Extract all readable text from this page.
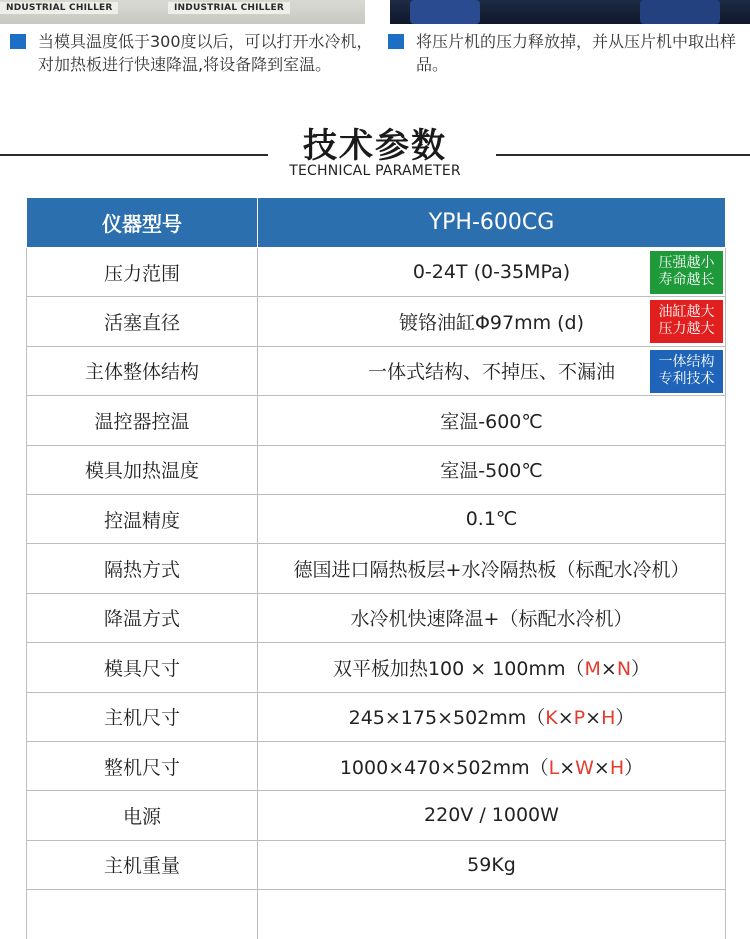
NDUSTRIAL CHILLER	INDUSTRIAL CHILLER
当模具温度低于300度以后，可以打开水冷机，对加热板进行快速降温,将设备降到室温。
将压片机的压力释放掉，并从压片机中取出样品。
技术参数
TECHNICAL PARAMETER
仪器型号	YPH-600CG
压力范围	0-24T (0-35MPa) 压强越小
寿命越长

活塞直径	镀铬油缸Φ97mm (d) 油缸越大
压力越大

主体整体结构	一体式结构、不掉压、不漏油 一体结构
专利技术

温控器控温	室温-600℃
模具加热温度	室温-500℃
控温精度	0.1℃
隔热方式	德国进口隔热板层+水冷隔热板（标配水冷机）
降温方式	水冷机快速降温+（标配水冷机）
模具尺寸	双平板加热100 × 100mm（M×N）
主机尺寸	245×175×502mm（K×P×H）
整机尺寸	1000×470×502mm（L×W×H）
电源	220V / 1000W
主机重量	59Kg
